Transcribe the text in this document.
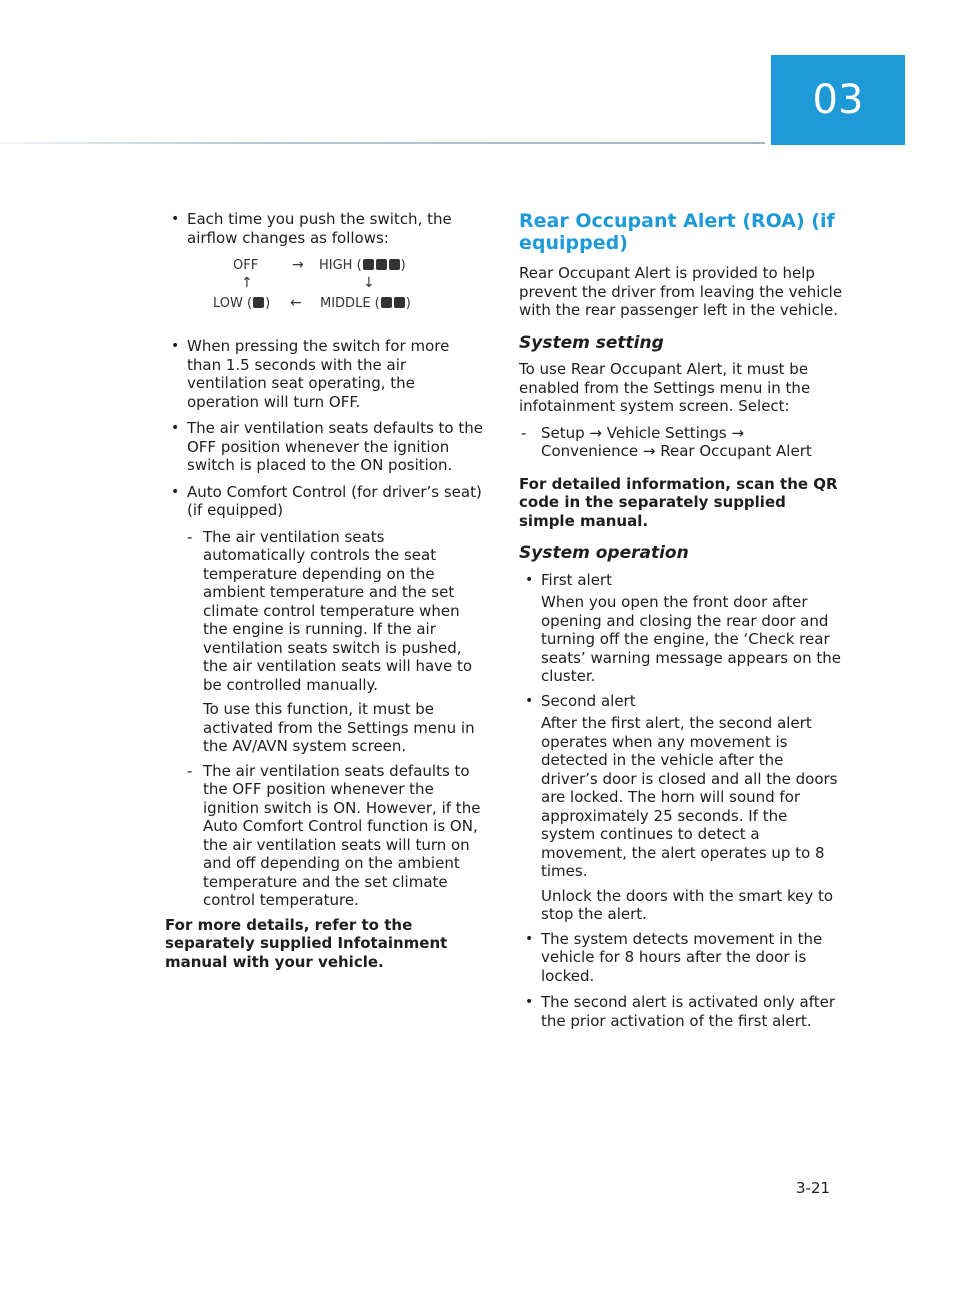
03
• Each time you push the switch, the airflow changes as follows:
OFF → HIGH (	)
↑	↓
LOW ( ) ← MIDDLE ( )
• When pressing the switch for more than 1.5 seconds with the air ventilation seat operating, the operation will turn OFF.
• The air ventilation seats defaults to the OFF position whenever the ignition switch is placed to the ON position.
• Auto Comfort Control (for driver’s seat) (if equipped)
- The air ventilation seats automatically controls the seat temperature depending on the ambient temperature and the set climate control temperature when the engine is running. If the air ventilation seats switch is pushed, the air ventilation seats will have to be controlled manually.
To use this function, it must be activated from the Settings menu in the AV/AVN system screen.
- The air ventilation seats defaults to the OFF position whenever the ignition switch is ON. However, if the Auto Comfort Control function is ON, the air ventilation seats will turn on and off depending on the ambient temperature and the set climate control temperature.
For more details, refer to the separately supplied Infotainment manual with your vehicle.
Rear Occupant Alert (ROA) (if equipped)
Rear Occupant Alert is provided to help prevent the driver from leaving the vehicle with the rear passenger left in the vehicle.
System setting
To use Rear Occupant Alert, it must be enabled from the Settings menu in the infotainment system screen. Select:
- Setup → Vehicle Settings → Convenience → Rear Occupant Alert
For detailed information, scan the QR code in the separately supplied simple manual.
System operation
• First alert
When you open the front door after opening and closing the rear door and turning off the engine, the ‘Check rear seats’ warning message appears on the cluster.
• Second alert
After the first alert, the second alert operates when any movement is detected in the vehicle after the driver’s door is closed and all the doors are locked. The horn will sound for approximately 25 seconds. If the system continues to detect a movement, the alert operates up to 8 times.
Unlock the doors with the smart key to stop the alert.
• The system detects movement in the vehicle for 8 hours after the door is locked.
• The second alert is activated only after the prior activation of the first alert.
3-21
